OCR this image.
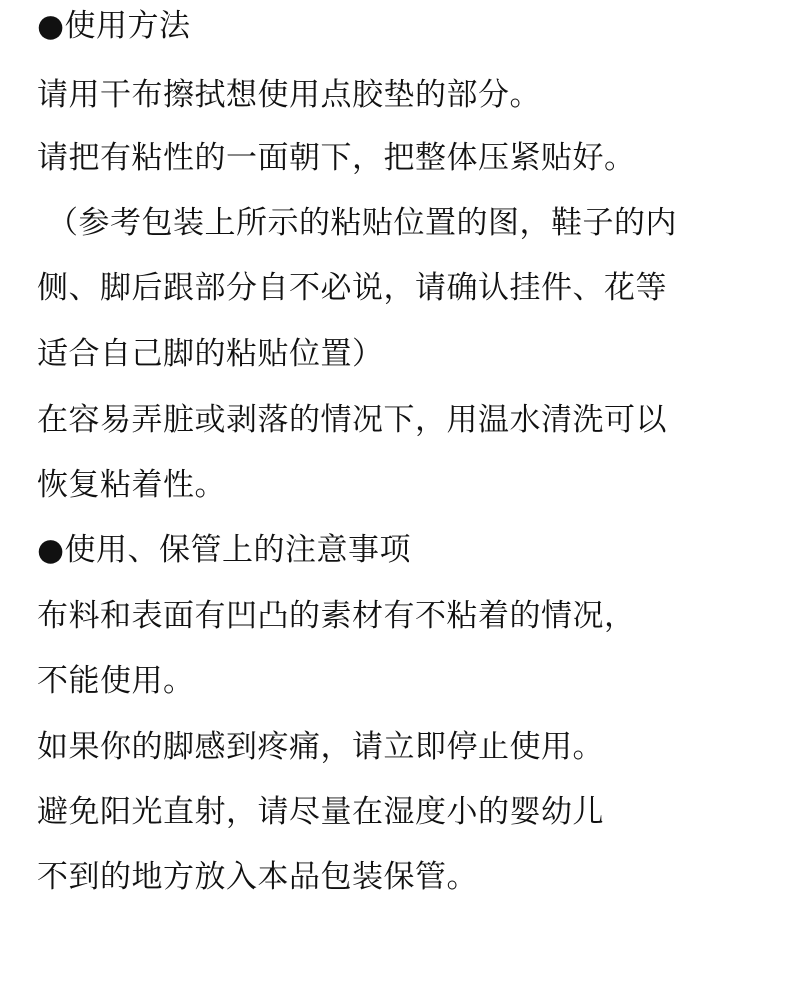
●使用方法
请用干布擦拭想使用点胶垫的部分。
请把有粘性的一面朝下，把整体压紧贴好。
（参考包装上所示的粘贴位置的图，鞋子的内
侧、脚后跟部分自不必说，请确认挂件、花等
适合自己脚的粘贴位置）
在容易弄脏或剥落的情况下，用温水清洗可以
恢复粘着性。
●使用、保管上的注意事项
布料和表面有凹凸的素材有不粘着的情况，
不能使用。
如果你的脚感到疼痛，请立即停止使用。
避免阳光直射，请尽量在湿度小的婴幼儿
不到的地方放入本品包装保管。
